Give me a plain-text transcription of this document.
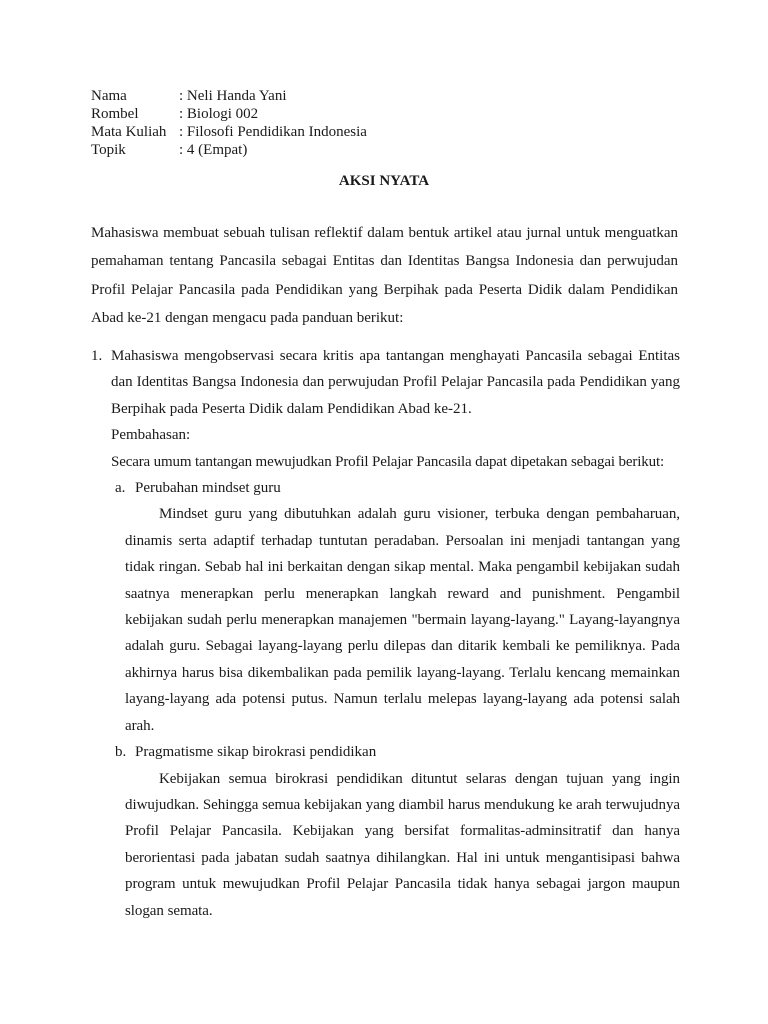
Nama	: Neli Handa Yani
Rombel	: Biologi 002
Mata Kuliah : Filosofi Pendidikan Indonesia
Topik	: 4 (Empat)
AKSI NYATA
Mahasiswa membuat sebuah tulisan reflektif dalam bentuk artikel atau jurnal untuk menguatkan pemahaman tentang Pancasila sebagai Entitas dan Identitas Bangsa Indonesia dan perwujudan Profil Pelajar Pancasila pada Pendidikan yang Berpihak pada Peserta Didik dalam Pendidikan Abad ke-21 dengan mengacu pada panduan berikut:
1. Mahasiswa mengobservasi secara kritis apa tantangan menghayati Pancasila sebagai Entitas dan Identitas Bangsa Indonesia dan perwujudan Profil Pelajar Pancasila pada Pendidikan yang Berpihak pada Peserta Didik dalam Pendidikan Abad ke-21.
Pembahasan:
Secara umum tantangan mewujudkan Profil Pelajar Pancasila dapat dipetakan sebagai berikut:
a. Perubahan mindset guru
Mindset guru yang dibutuhkan adalah guru visioner, terbuka dengan pembaharuan, dinamis serta adaptif terhadap tuntutan peradaban. Persoalan ini menjadi tantangan yang tidak ringan. Sebab hal ini berkaitan dengan sikap mental. Maka pengambil kebijakan sudah saatnya menerapkan perlu menerapkan langkah reward and punishment. Pengambil kebijakan sudah perlu menerapkan manajemen "bermain layang-layang." Layang-layangnya adalah guru. Sebagai layang-layang perlu dilepas dan ditarik kembali ke pemiliknya. Pada akhirnya harus bisa dikembalikan pada pemilik layang-layang. Terlalu kencang memainkan layang-layang ada potensi putus. Namun terlalu melepas layang-layang ada potensi salah arah.
b. Pragmatisme sikap birokrasi pendidikan
Kebijakan semua birokrasi pendidikan dituntut selaras dengan tujuan yang ingin diwujudkan. Sehingga semua kebijakan yang diambil harus mendukung ke arah terwujudnya Profil Pelajar Pancasila. Kebijakan yang bersifat formalitas-adminsitratif dan hanya berorientasi pada jabatan sudah saatnya dihilangkan. Hal ini untuk mengantisipasi bahwa program untuk mewujudkan Profil Pelajar Pancasila tidak hanya sebagai jargon maupun slogan semata.
